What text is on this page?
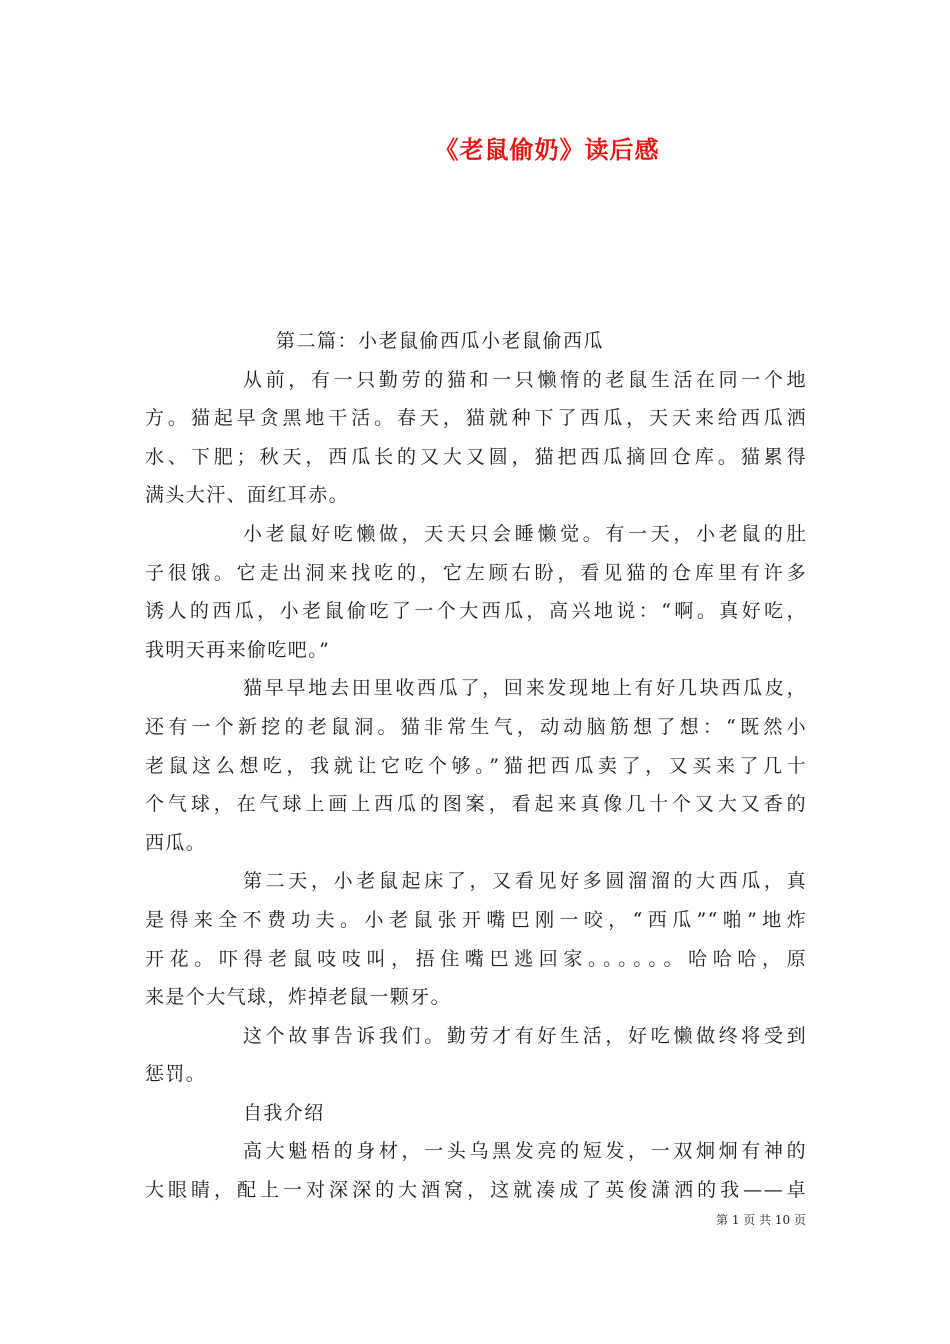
《老鼠偷奶》读后感
第二篇：小老鼠偷西瓜小老鼠偷西瓜
从前，有一只勤劳的猫和一只懒惰的老鼠生活在同一个地
方。猫起早贪黑地干活。春天，猫就种下了西瓜，天天来给西瓜洒
水、下肥；秋天，西瓜长的又大又圆，猫把西瓜摘回仓库。猫累得
满头大汗、面红耳赤。
小老鼠好吃懒做，天天只会睡懒觉。有一天，小老鼠的肚
子很饿。它走出洞来找吃的，它左顾右盼，看见猫的仓库里有许多
诱人的西瓜，小老鼠偷吃了一个大西瓜，高兴地说：“啊。真好吃，
我明天再来偷吃吧。”
猫早早地去田里收西瓜了，回来发现地上有好几块西瓜皮，
还有一个新挖的老鼠洞。猫非常生气，动动脑筋想了想：“既然小
老鼠这么想吃，我就让它吃个够。”猫把西瓜卖了，又买来了几十
个气球，在气球上画上西瓜的图案，看起来真像几十个又大又香的
西瓜。
第二天，小老鼠起床了，又看见好多圆溜溜的大西瓜，真
是得来全不费功夫。小老鼠张开嘴巴刚一咬，“西瓜”“啪”地炸
开花。吓得老鼠吱吱叫，捂住嘴巴逃回家。。。。。。哈哈哈，原
来是个大气球，炸掉老鼠一颗牙。
这个故事告诉我们。勤劳才有好生活，好吃懒做终将受到
惩罚。
自我介绍
高大魁梧的身材，一头乌黑发亮的短发，一双炯炯有神的
大眼睛，配上一对深深的大酒窝，这就凑成了英俊潇洒的我——卓
第 1 页 共 10 页
